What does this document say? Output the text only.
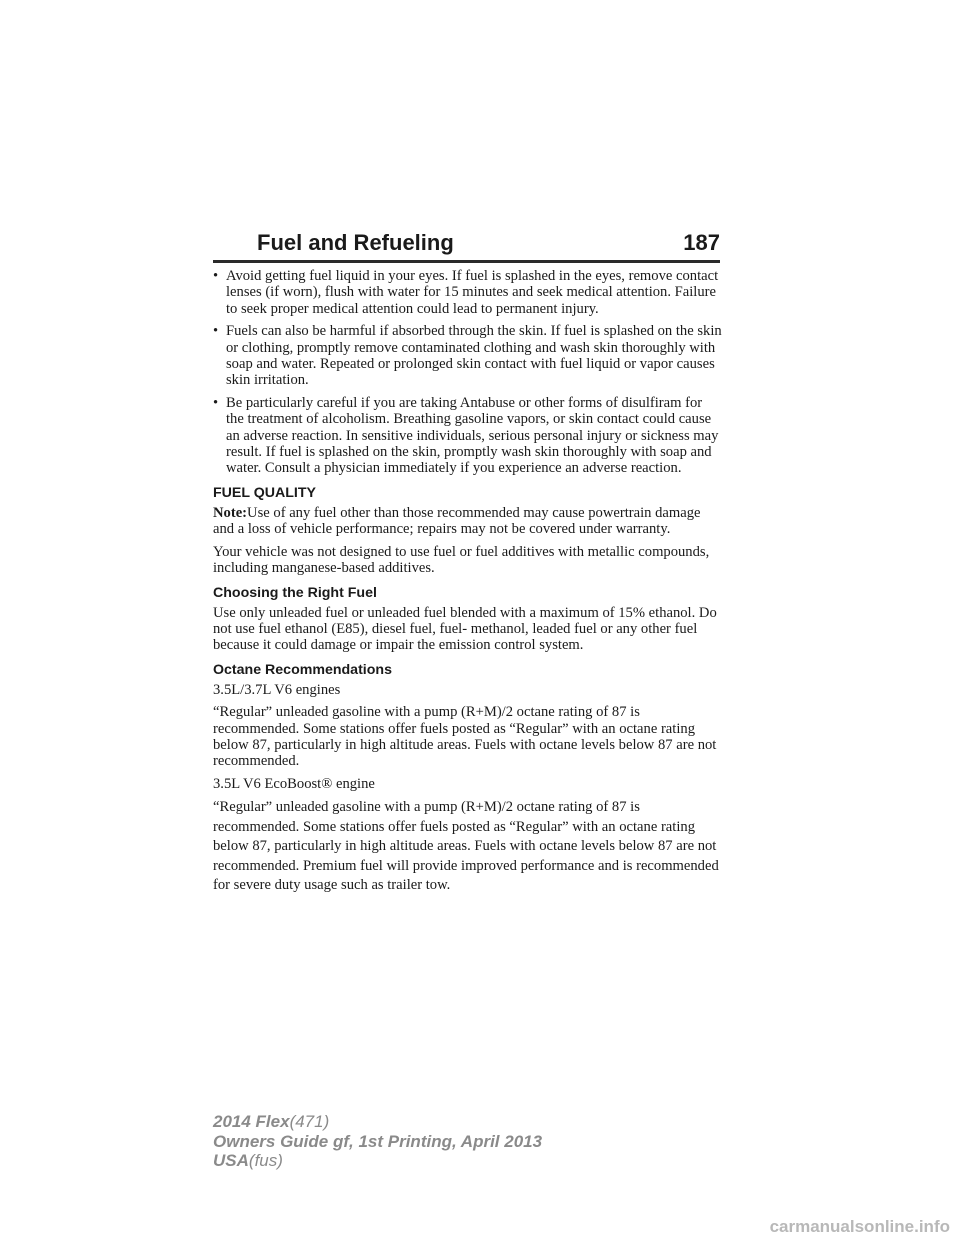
Fuel and Refueling	187
• Avoid getting fuel liquid in your eyes. If fuel is splashed in the eyes, remove contact lenses (if worn), flush with water for 15 minutes and seek medical attention. Failure to seek proper medical attention could lead to permanent injury.
• Fuels can also be harmful if absorbed through the skin. If fuel is splashed on the skin or clothing, promptly remove contaminated clothing and wash skin thoroughly with soap and water. Repeated or prolonged skin contact with fuel liquid or vapor causes skin irritation.
• Be particularly careful if you are taking Antabuse or other forms of disulfiram for the treatment of alcoholism. Breathing gasoline vapors, or skin contact could cause an adverse reaction. In sensitive individuals, serious personal injury or sickness may result. If fuel is splashed on the skin, promptly wash skin thoroughly with soap and water. Consult a physician immediately if you experience an adverse reaction.
FUEL QUALITY

Note:Use of any fuel other than those recommended may cause powertrain damage and a loss of vehicle performance; repairs may not be covered under warranty.

Your vehicle was not designed to use fuel or fuel additives with metallic compounds, including manganese-based additives.

Choosing the Right Fuel

Use only unleaded fuel or unleaded fuel blended with a maximum of 15% ethanol. Do not use fuel ethanol (E85), diesel fuel, fuel- methanol, leaded fuel or any other fuel because it could damage or impair the emission control system.

Octane Recommendations

3.5L/3.7L V6 engines

“Regular” unleaded gasoline with a pump (R+M)/2 octane rating of 87 is recommended. Some stations offer fuels posted as “Regular” with an octane rating below 87, particularly in high altitude areas. Fuels with octane levels below 87 are not recommended.

3.5L V6 EcoBoost® engine

“Regular” unleaded gasoline with a pump (R+M)/2 octane rating of 87 is recommended. Some stations offer fuels posted as “Regular” with an octane rating below 87, particularly in high altitude areas. Fuels with octane levels below 87 are not recommended. Premium fuel will provide improved performance and is recommended for severe duty usage such as trailer tow.

2014 Flex(471)
Owners Guide gf, 1st Printing, April 2013
USA(fus)
carmanualsonline.info
